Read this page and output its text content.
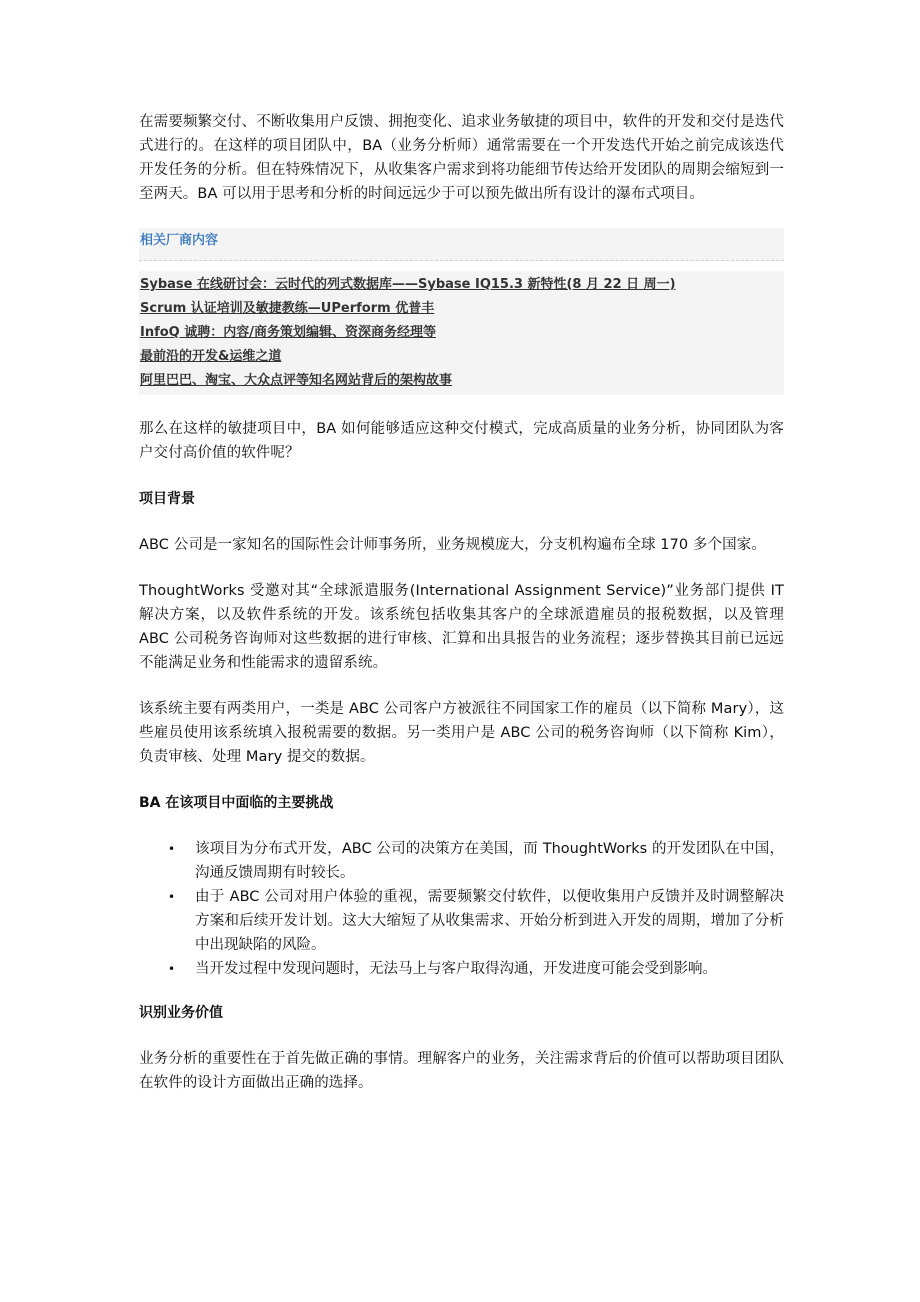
在需要频繁交付、不断收集用户反馈、拥抱变化、追求业务敏捷的项目中，软件的开发和交付是迭代式进行的。在这样的项目团队中，BA（业务分析师）通常需要在一个开发迭代开始之前完成该迭代开发任务的分析。但在特殊情况下，从收集客户需求到将功能细节传达给开发团队的周期会缩短到一至两天。BA 可以用于思考和分析的时间远远少于可以预先做出所有设计的瀑布式项目。

相关厂商内容
Sybase 在线研讨会：云时代的列式数据库——Sybase IQ15.3 新特性(8 月 22 日 周一)
Scrum 认证培训及敏捷教练—UPerform 优普丰
InfoQ 诚聘：内容/商务策划编辑、资深商务经理等
最前沿的开发&运维之道
阿里巴巴、淘宝、大众点评等知名网站背后的架构故事

那么在这样的敏捷项目中，BA 如何能够适应这种交付模式，完成高质量的业务分析，协同团队为客户交付高价值的软件呢？

项目背景

ABC 公司是一家知名的国际性会计师事务所，业务规模庞大，分支机构遍布全球 170 多个国家。

ThoughtWorks 受邀对其“全球派遣服务(International Assignment Service)”业务部门提供 IT 解决方案，以及软件系统的开发。该系统包括收集其客户的全球派遣雇员的报税数据，以及管理 ABC 公司税务咨询师对这些数据的进行审核、汇算和出具报告的业务流程；逐步替换其目前已远远不能满足业务和性能需求的遗留系统。

该系统主要有两类用户，一类是 ABC 公司客户方被派往不同国家工作的雇员（以下简称 Mary），这些雇员使用该系统填入报税需要的数据。另一类用户是 ABC 公司的税务咨询师（以下简称 Kim），负责审核、处理 Mary 提交的数据。

BA 在该项目中面临的主要挑战
• 该项目为分布式开发，ABC 公司的决策方在美国，而 ThoughtWorks 的开发团队在中国，沟通反馈周期有时较长。
• 由于 ABC 公司对用户体验的重视，需要频繁交付软件，以便收集用户反馈并及时调整解决方案和后续开发计划。这大大缩短了从收集需求、开始分析到进入开发的周期，增加了分析中出现缺陷的风险。
• 当开发过程中发现问题时，无法马上与客户取得沟通，开发进度可能会受到影响。
识别业务价值

业务分析的重要性在于首先做正确的事情。理解客户的业务，关注需求背后的价值可以帮助项目团队在软件的设计方面做出正确的选择。
